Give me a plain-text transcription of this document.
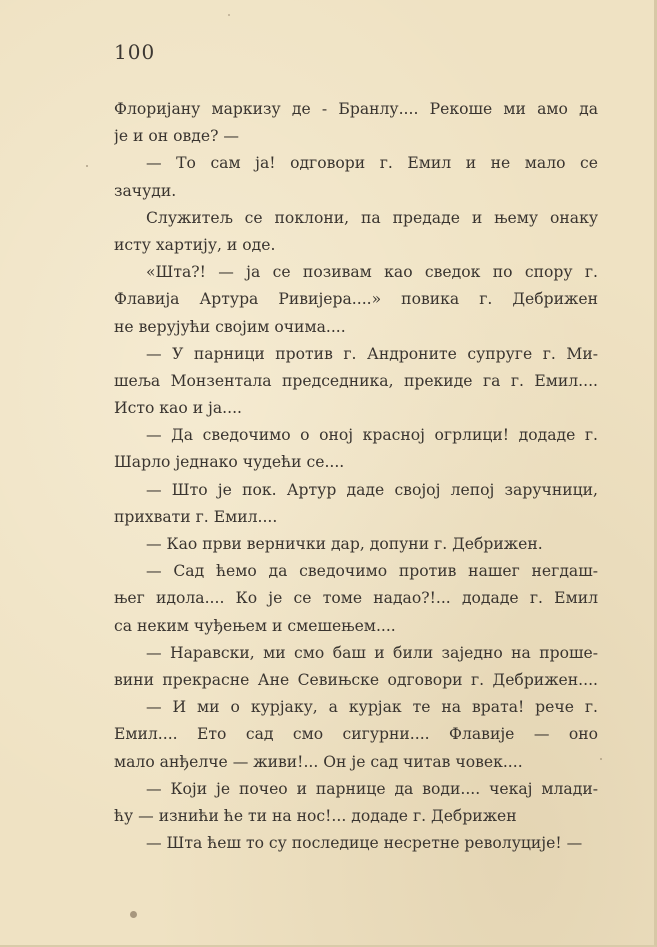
100
Флоријану маркизу де - Бранлу.... Рекоше ми амо да
је и он овде? —
— То сам ја! одговори г. Емил и не мало се
зачуди.
Служитељ се поклони, па предаде и њему онаку
исту хартију, и оде.
«Шта?! — ја се позивам као сведок по спору г.
Флавија Артура Ривијера....» повика г. Дебрижен
не верујући својим очима....
— У парници против г. Андроните супруге г. Ми-
шеља Монзентала председника, прекиде га г. Емил....
Исто као и ја....
— Да сведочимо о оној красној огрлици! додаде г.
Шарло једнако чудећи се....
— Што је пок. Артур даде својој лепој заручници,
прихвати г. Емил....
— Као први вернички дар, допуни г. Дебрижен.
— Сад ћемо да сведочимо против нашег негдаш-
њег идола.... Ко је се томе надао?!... додаде г. Емил
са неким чуђењем и смешењем....
— Наравски, ми смо баш и били заједно на проше-
вини прекрасне Ане Севињске одговори г. Дебрижен....
— И ми о курјаку, а курјак те на врата! рече г.
Емил.... Ето сад смо сигурни.... Флавије — оно
мало анђелче — живи!... Он је сад читав човек....
— Који је почео и парнице да води.... чекај млади-
ћу — изнићи ће ти на нос!... додаде г. Дебрижен
— Шта ћеш то су последице несретне револуције! —
